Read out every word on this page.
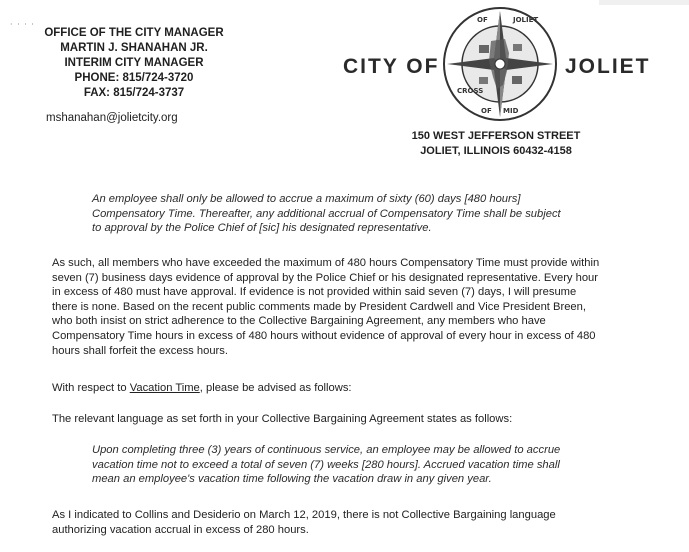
· · · ·
OFFICE OF THE CITY MANAGER
MARTIN J. SHANAHAN JR.
INTERIM CITY MANAGER
PHONE: 815/724-3720
FAX: 815/724-3737
mshanahan@jolietcity.org
CITY OF
CITY OF JOLIET ILLINOIS · CROSSROADS OF MID-AMERICA
OF	JOLIET CROSS OF MID
JOLIET
150 WEST JEFFERSON STREET
JOLIET, ILLINOIS 60432-4158
An employee shall only be allowed to accrue a maximum of sixty (60) days [480 hours]
Compensatory Time. Thereafter, any additional accrual of Compensatory Time shall be subject
to approval by the Police Chief of [sic] his designated representative.
As such, all members who have exceeded the maximum of 480 hours Compensatory Time must provide within
seven (7) business days evidence of approval by the Police Chief or his designated representative. Every hour
in excess of 480 must have approval. If evidence is not provided within said seven (7) days, I will presume
there is none. Based on the recent public comments made by President Cardwell and Vice President Breen,
who both insist on strict adherence to the Collective Bargaining Agreement, any members who have
Compensatory Time hours in excess of 480 hours without evidence of approval of every hour in excess of 480
hours shall forfeit the excess hours.
With respect to Vacation Time, please be advised as follows:
The relevant language as set forth in your Collective Bargaining Agreement states as follows:
Upon completing three (3) years of continuous service, an employee may be allowed to accrue
vacation time not to exceed a total of seven (7) weeks [280 hours]. Accrued vacation time shall
mean an employee's vacation time following the vacation draw in any given year.
As I indicated to Collins and Desiderio on March 12, 2019, there is not Collective Bargaining language
authorizing vacation accrual in excess of 280 hours.
